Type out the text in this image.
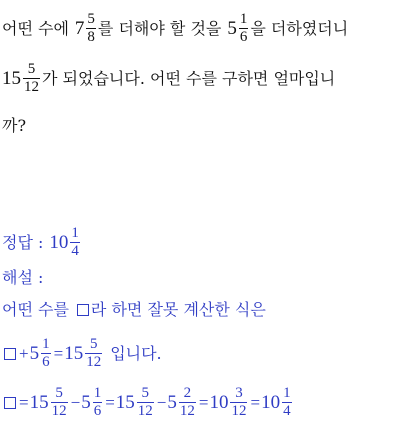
어떤 수에 $7 \frac{5}{8}$ 를 더해야 할 것을 $5 \frac{1}{6}$ 을 더하였더니
$15 \frac{5}{12}$ 가 되었습니다. 어떤 수를 구하면 얼마입니
까?
정답 : $10 \frac{1}{4}$
해설 :
어떤 수를 라 하면 잘못 계산한 식은
+ $5 \frac{1}{6} = 15 \frac{5}{12}$ 입니다.
= $15 \frac{5}{12} - 5 \frac{1}{6} = 15 \frac{5}{12} - 5 \frac{2}{12} = 10 \frac{3}{12} = 10 \frac{1}{4}$
